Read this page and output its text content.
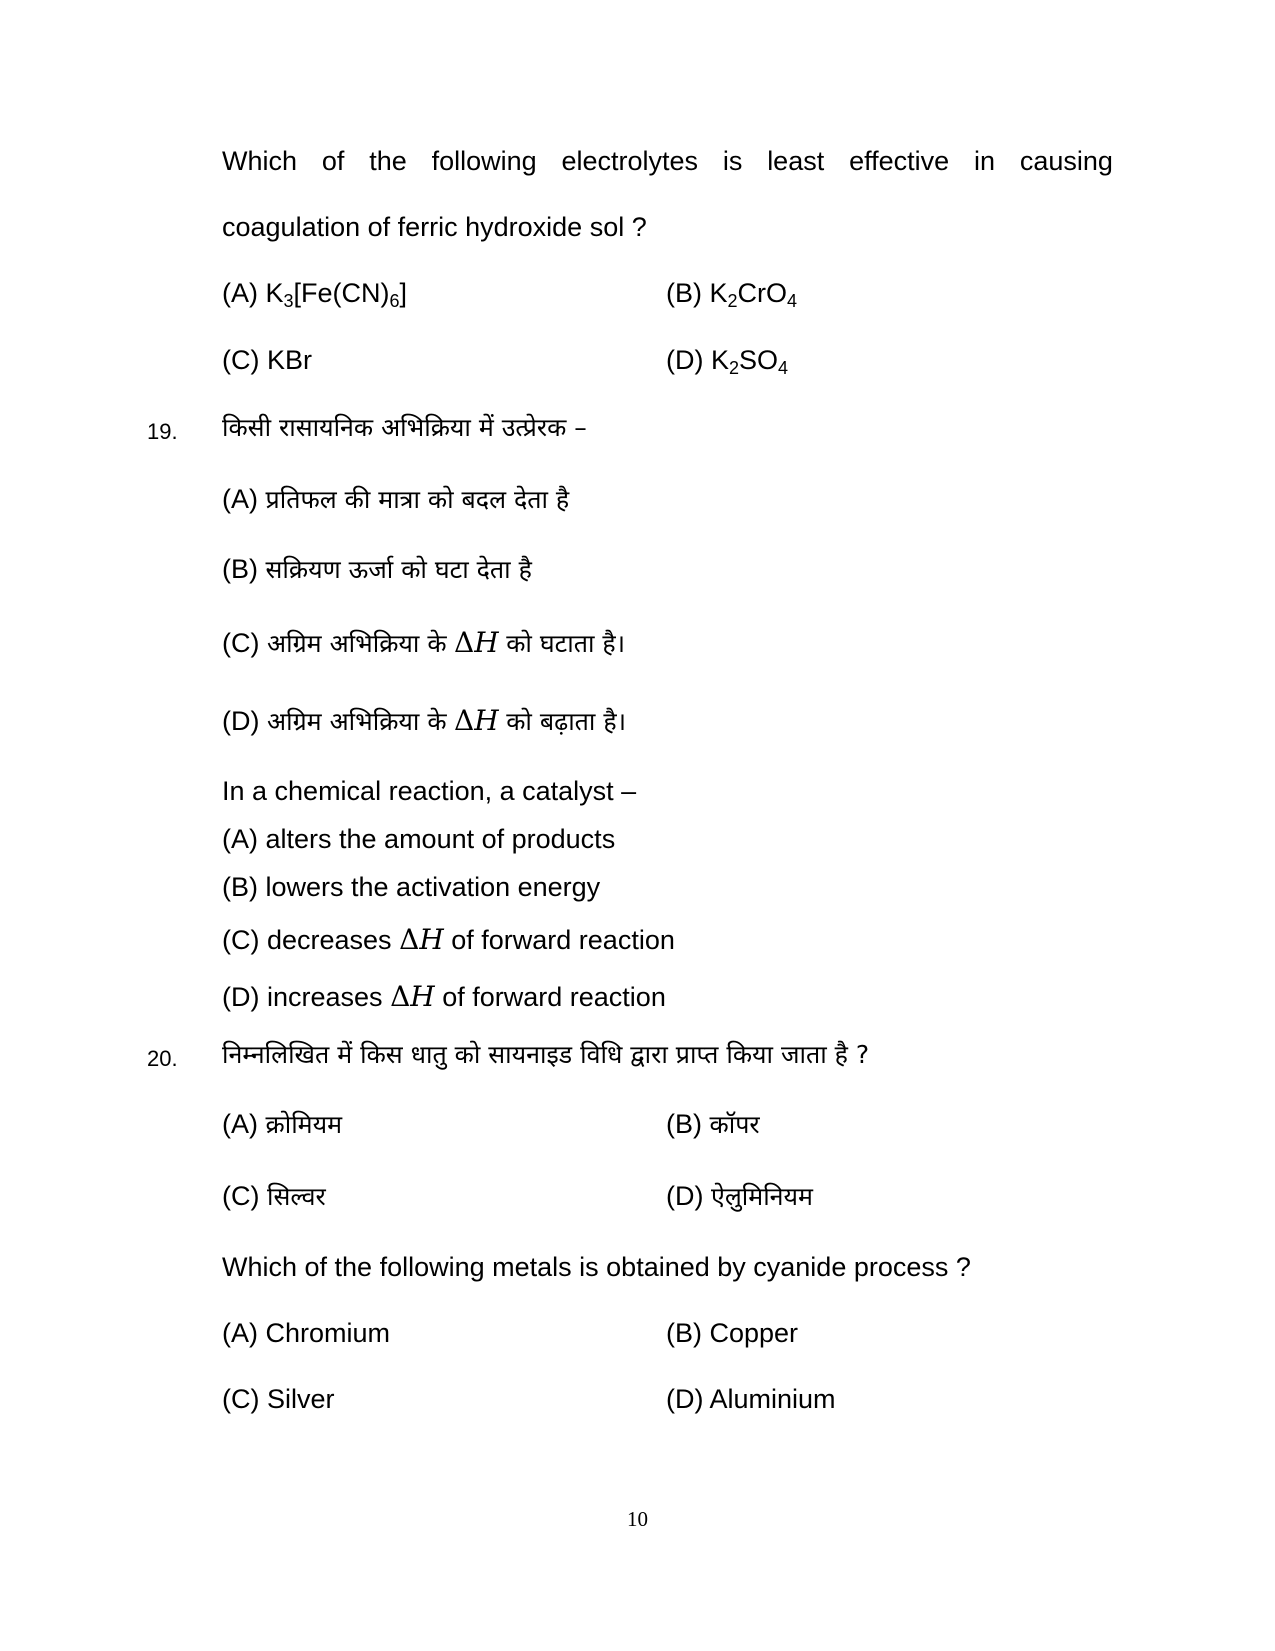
Which of the following electrolytes is least effective in causing
coagulation of ferric hydroxide sol ?
(A) $K_3[Fe(CN)_6]$	(B) $K_2CrO_4$
(C) KBr	(D) $K_2SO_4$
19. किसी रासायनिक अभिक्रिया में उत्प्रेरक –
(A) प्रतिफल की मात्रा को बदल देता है
(B) सक्रियण ऊर्जा को घटा देता है
(C) अग्रिम अभिक्रिया के ΔH को घटाता है।
(D) अग्रिम अभिक्रिया के ΔH को बढ़ाता है।
In a chemical reaction, a catalyst –
(A) alters the amount of products
(B) lowers the activation energy
(C) decreases ΔH of forward reaction
(D) increases ΔH of forward reaction
20. निम्नलिखित में किस धातु को सायनाइड विधि द्वारा प्राप्त किया जाता है ?
(A) क्रोमियम	(B) कॉपर
(C) सिल्वर	(D) ऐलुमिनियम
Which of the following metals is obtained by cyanide process ?
(A) Chromium	(B) Copper
(C) Silver	(D) Aluminium
10
